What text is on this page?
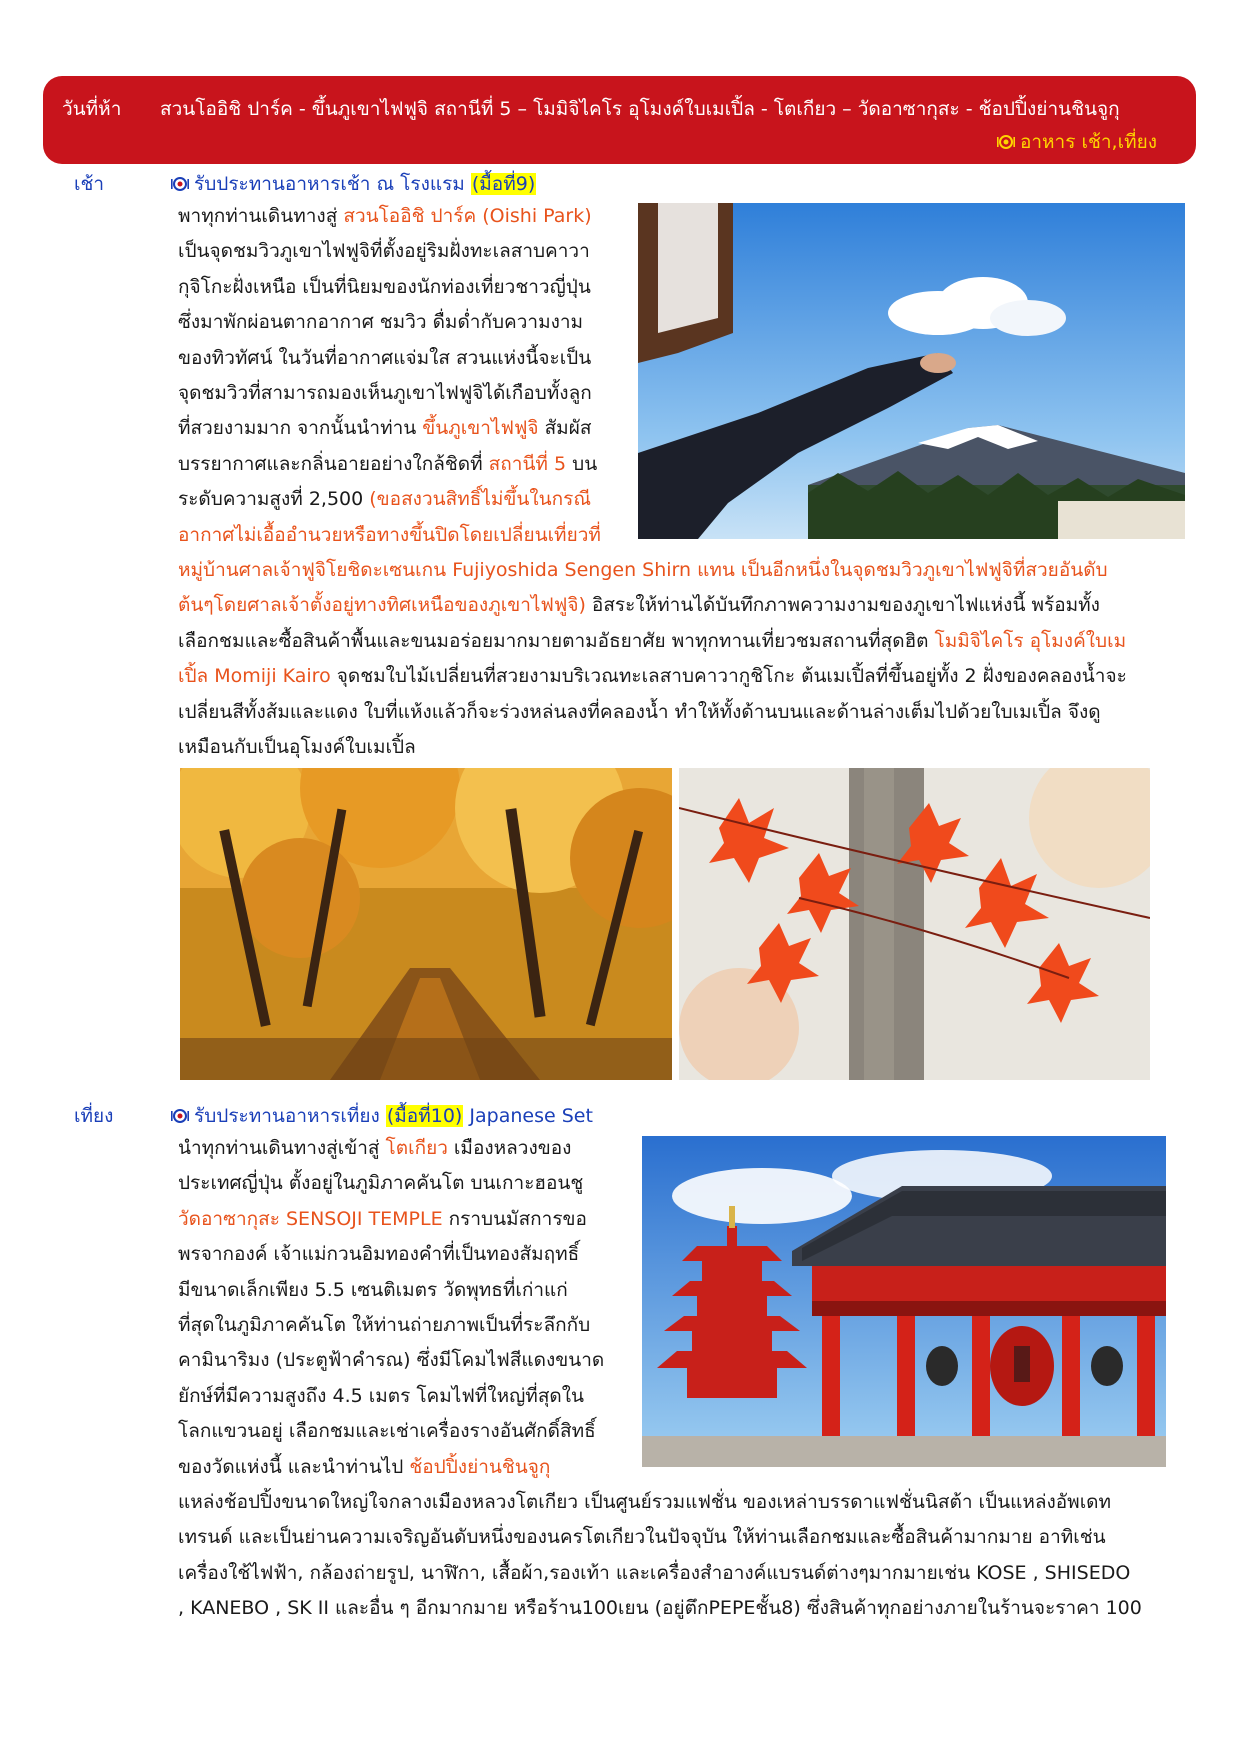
วันที่ห้า สวนโออิชิ ปาร์ค - ขึ้นภูเขาไฟฟูจิ สถานีที่ 5 – โมมิจิไคโร อุโมงค์ใบเมเปิ้ล - โตเกียว – วัดอาซากุสะ - ช้อปปิ้งย่านชินจูกุ
อาหาร เช้า,เที่ยง
เช้า	รับประทานอาหารเช้า ณ โรงแรม (มื้อที่9)
พาทุกท่านเดินทางสู่ สวนโออิชิ ปาร์ค (Oishi Park)
เป็นจุดชมวิวภูเขาไฟฟูจิที่ตั้งอยู่ริมฝั่งทะเลสาบคาวา
กุจิโกะฝั่งเหนือ เป็นที่นิยมของนักท่องเที่ยวชาวญี่ปุ่น
ซึ่งมาพักผ่อนตากอากาศ ชมวิว ดื่มด่ำกับความงาม
ของทิวทัศน์ ในวันที่อากาศแจ่มใส สวนแห่งนี้จะเป็น
จุดชมวิวที่สามารถมองเห็นภูเขาไฟฟูจิได้เกือบทั้งลูก
ที่สวยงามมาก จากนั้นนำท่าน ขึ้นภูเขาไฟฟูจิ สัมผัส
บรรยากาศและกลิ่นอายอย่างใกล้ชิดที่ สถานีที่ 5 บน
ระดับความสูงที่ 2,500 (ขอสงวนสิทธิ์ไม่ขึ้นในกรณี
อากาศไม่เอื้ออำนวยหรือทางขึ้นปิดโดยเปลี่ยนเที่ยวที่
หมู่บ้านศาลเจ้าฟูจิโยชิดะเซนเกน Fujiyoshida Sengen Shirn แทน เป็นอีกหนึ่งในจุดชมวิวภูเขาไฟฟูจิที่สวยอันดับ
ต้นๆโดยศาลเจ้าตั้งอยู่ทางทิศเหนือของภูเขาไฟฟูจิ) อิสระให้ท่านได้บันทึกภาพความงามของภูเขาไฟแห่งนี้ พร้อมทั้ง
เลือกชมและซื้อสินค้าพื้นและขนมอร่อยมากมายตามอัธยาศัย พาทุกทานเที่ยวชมสถานที่สุดฮิต โมมิจิไคโร อุโมงค์ใบเม
เปิ้ล Momiji Kairo จุดชมใบไม้เปลี่ยนที่สวยงามบริเวณทะเลสาบคาวากูชิโกะ ต้นเมเปิ้ลที่ขึ้นอยู่ทั้ง 2 ฝั่งของคลองน้ำจะ
เปลี่ยนสีทั้งส้มและแดง ใบที่แห้งแล้วก็จะร่วงหล่นลงที่คลองน้ำ ทำให้ทั้งด้านบนและด้านล่างเต็มไปด้วยใบเมเปิ้ล จึงดู
เหมือนกับเป็นอุโมงค์ใบเมเปิ้ล
เที่ยง	รับประทานอาหารเที่ยง (มื้อที่10) Japanese Set
นำทุกท่านเดินทางสู่เข้าสู่ โตเกียว เมืองหลวงของ
ประเทศญี่ปุ่น ตั้งอยู่ในภูมิภาคคันโต บนเกาะฮอนชู
วัดอาซากุสะ SENSOJI TEMPLE กราบนมัสการขอ
พรจากองค์ เจ้าแม่กวนอิมทองคำที่เป็นทองสัมฤทธิ์
มีขนาดเล็กเพียง 5.5 เซนติเมตร วัดพุทธที่เก่าแก่
ที่สุดในภูมิภาคคันโต ให้ท่านถ่ายภาพเป็นที่ระลึกกับ
คามินาริมง (ประตูฟ้าคำรณ) ซึ่งมีโคมไฟสีแดงขนาด
ยักษ์ที่มีความสูงถึง 4.5 เมตร โคมไฟที่ใหญ่ที่สุดใน
โลกแขวนอยู่ เลือกชมและเช่าเครื่องรางอันศักดิ์สิทธิ์
ของวัดแห่งนี้ และนำท่านไป ช้อปปิ้งย่านชินจูกุ
แหล่งช้อปปิ้งขนาดใหญ่ใจกลางเมืองหลวงโตเกียว เป็นศูนย์รวมแฟชั่น ของเหล่าบรรดาแฟชั่นนิสต้า เป็นแหล่งอัพเดท
เทรนด์ และเป็นย่านความเจริญอันดับหนึ่งของนครโตเกียวในปัจจุบัน ให้ท่านเลือกชมและซื้อสินค้ามากมาย อาทิเช่น
เครื่องใช้ไฟฟ้า, กล้องถ่ายรูป, นาฬิกา, เสื้อผ้า,รองเท้า และเครื่องสำอางค์แบรนด์ต่างๆมากมายเช่น KOSE , SHISEDO
, KANEBO , SK II และอื่น ๆ อีกมากมาย หรือร้าน100เยน (อยู่ตึกPEPEชั้น8) ซึ่งสินค้าทุกอย่างภายในร้านจะราคา 100
